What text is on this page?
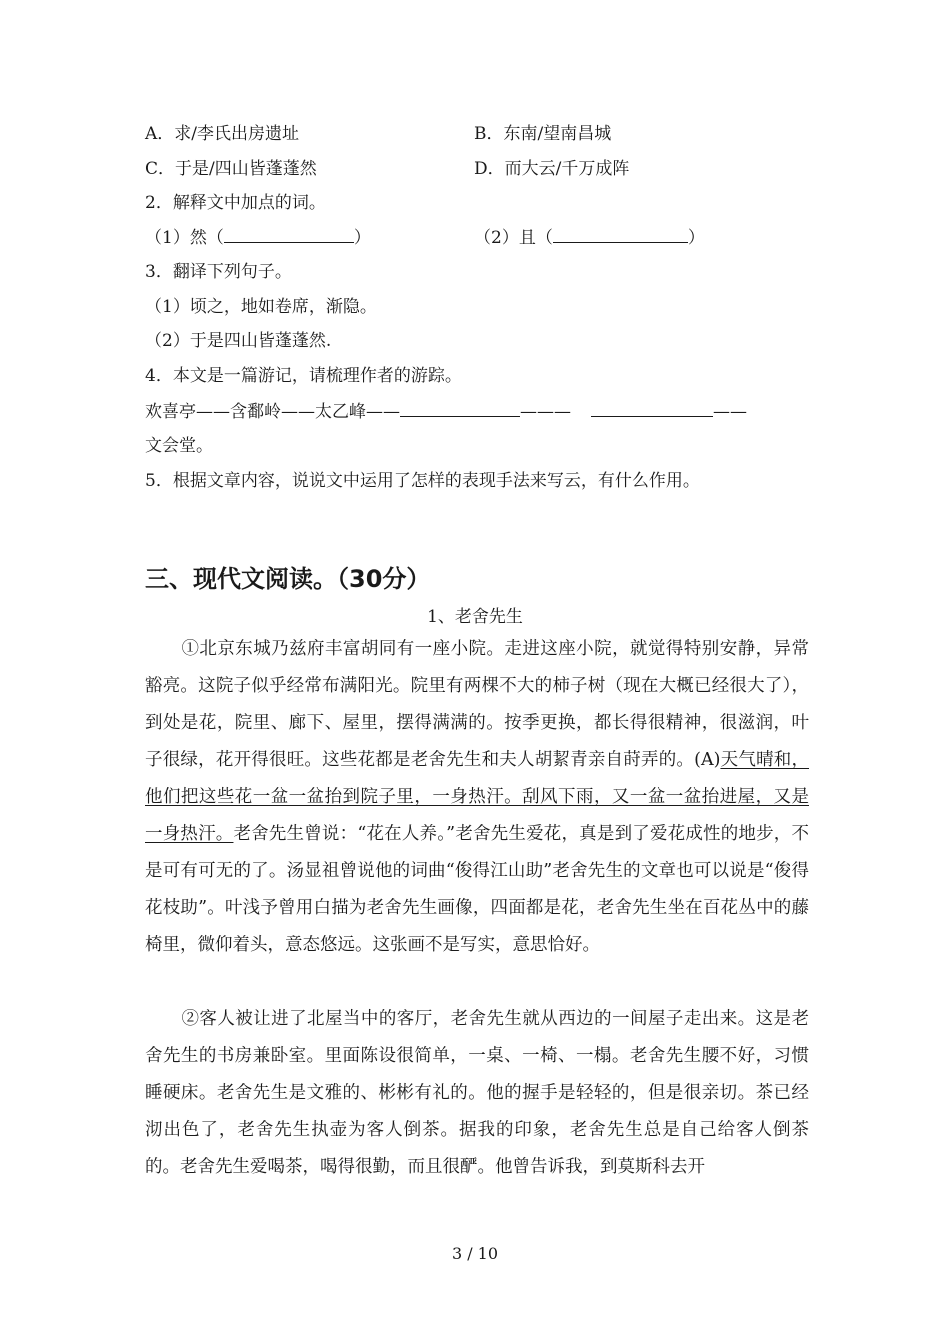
A．求/李氏出房遗址	B．东南/望南昌城
C．于是/四山皆蓬蓬然	D．而大云/千万成阵
2．解释文中加点的词。
（1）然（	）	（2）且（	）
3．翻译下列句子。
（1）顷之，地如卷席，渐隐。
（2）于是四山皆蓬蓬然.
4．本文是一篇游记，请梳理作者的游踪。
欢喜亭——含鄱岭——太乙峰——	———	——
文会堂。
5．根据文章内容，说说文中运用了怎样的表现手法来写云，有什么作用。
三、现代文阅读。（30分）
1、老舍先生
①北京东城乃兹府丰富胡同有一座小院。走进这座小院，就觉得特别安静，异常豁亮。这院子似乎经常布满阳光。院里有两棵不大的柿子树（现在大概已经很大了），到处是花，院里、廊下、屋里，摆得满满的。按季更换，都长得很精神，很滋润，叶子很绿，花开得很旺。这些花都是老舍先生和夫人胡絜青亲自莳弄的。(A)天气晴和，他们把这些花一盆一盆抬到院子里，一身热汗。刮风下雨，又一盆一盆抬进屋，又是一身热汗。老舍先生曾说：“花在人养。”老舍先生爱花，真是到了爱花成性的地步，不是可有可无的了。汤显祖曾说他的词曲“俊得江山助”老舍先生的文章也可以说是“俊得花枝助”。叶浅予曾用白描为老舍先生画像，四面都是花，老舍先生坐在百花丛中的藤椅里，微仰着头，意态悠远。这张画不是写实，意思恰好。
②客人被让进了北屋当中的客厅，老舍先生就从西边的一间屋子走出来。这是老舍先生的书房兼卧室。里面陈设很简单，一桌、一椅、一榻。老舍先生腰不好，习惯睡硬床。老舍先生是文雅的、彬彬有礼的。他的握手是轻轻的，但是很亲切。茶已经沏出色了，老舍先生执壶为客人倒茶。据我的印象，老舍先生总是自己给客人倒茶的。老舍先生爱喝茶，喝得很勤，而且很酽。他曾告诉我，到莫斯科去开
3 / 10
